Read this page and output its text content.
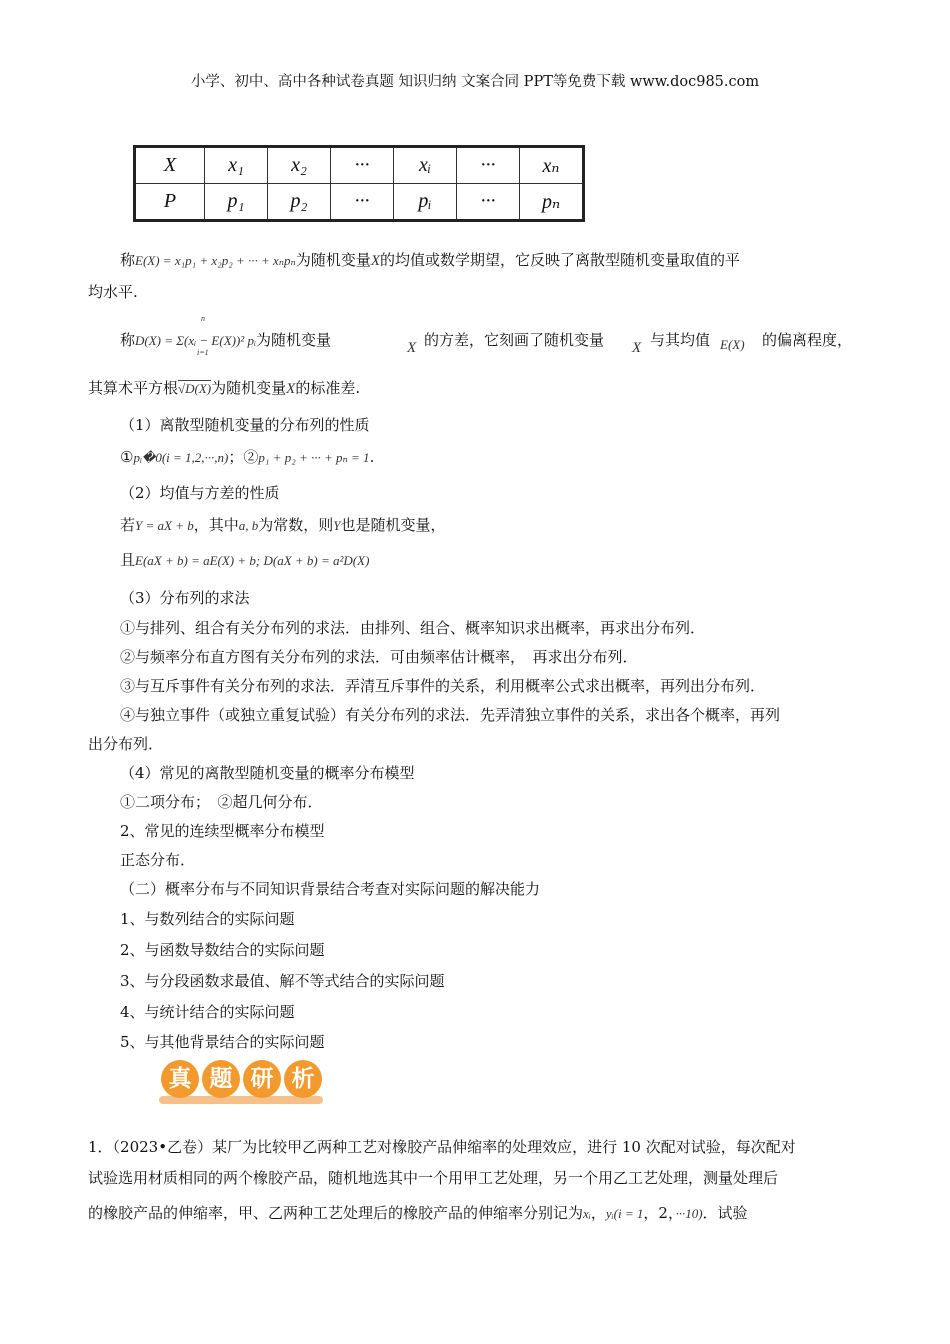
小学、初中、高中各种试卷真题 知识归纳 文案合同 PPT等免费下载 www.doc985.com
X	x₁	x₂	···	xᵢ	···	xₙ
P	p₁	p₂	···	pᵢ	···	pₙ
称E(X) = x₁p₁ + x₂p₂ + ··· + xₙpₙ为随机变量X的均值或数学期望，它反映了离散型随机变量取值的平
均水平.
称D(X) = Σ(xᵢ − E(X))² pᵢ为随机变量
n
i=1	X 的方差，它刻画了随机变量 X 与其均值 E(X) 的偏离程度，
其算术平方根√D(X)为随机变量X的标准差.
（1）离散型随机变量的分布列的性质
①pᵢ�0(i = 1,2,···,n)；②p₁ + p₂ + ··· + pₙ = 1.
（2）均值与方差的性质
若Y = aX + b，其中a, b为常数，则Y也是随机变量，
且E(aX + b) = aE(X) + b; D(aX + b) = a²D(X)
（3）分布列的求法
①与排列、组合有关分布列的求法．由排列、组合、概率知识求出概率，再求出分布列．
②与频率分布直方图有关分布列的求法．可由频率估计概率，　再求出分布列．
③与互斥事件有关分布列的求法．弄清互斥事件的关系，利用概率公式求出概率，再列出分布列．
④与独立事件（或独立重复试验）有关分布列的求法．先弄清独立事件的关系，求出各个概率，再列
出分布列．
（4）常见的离散型随机变量的概率分布模型
①二项分布；　②超几何分布．
2、常见的连续型概率分布模型
正态分布．
（二）概率分布与不同知识背景结合考查对实际问题的解决能力
1、与数列结合的实际问题
2、与函数导数结合的实际问题
3、与分段函数求最值、解不等式结合的实际问题
4、与统计结合的实际问题
5、与其他背景结合的实际问题
真 题 研 析
1．（2023•乙卷）某厂为比较甲乙两种工艺对橡胶产品伸缩率的处理效应，进行 10 次配对试验，每次配对
试验选用材质相同的两个橡胶产品，随机地选其中一个用甲工艺处理，另一个用乙工艺处理，测量处理后
的橡胶产品的伸缩率，甲、乙两种工艺处理后的橡胶产品的伸缩率分别记为xᵢ，yᵢ(i = 1，2，···10)．试验
